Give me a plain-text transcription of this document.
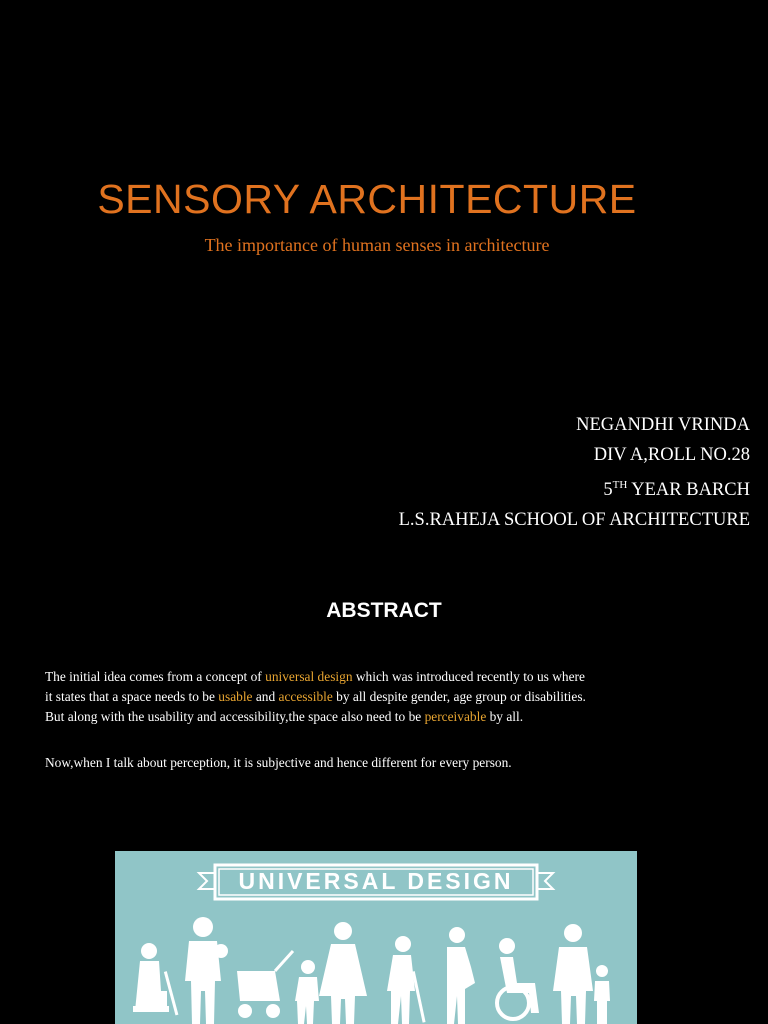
SENSORY ARCHITECTURE
The importance of human senses in architecture
NEGANDHI VRINDA
DIV A,ROLL NO.28
5TH YEAR BARCH
L.S.RAHEJA SCHOOL OF ARCHITECTURE
ABSTRACT
The initial idea comes from a concept of universal design which was introduced recently to us where
it states that a space needs to be usable and accessible by all despite gender, age group or disabilities.
But along with the usability and accessibility,the space also need to be perceivable by all.
Now,when I talk about perception, it is subjective and hence different for every person.
UNIVERSAL DESIGN
